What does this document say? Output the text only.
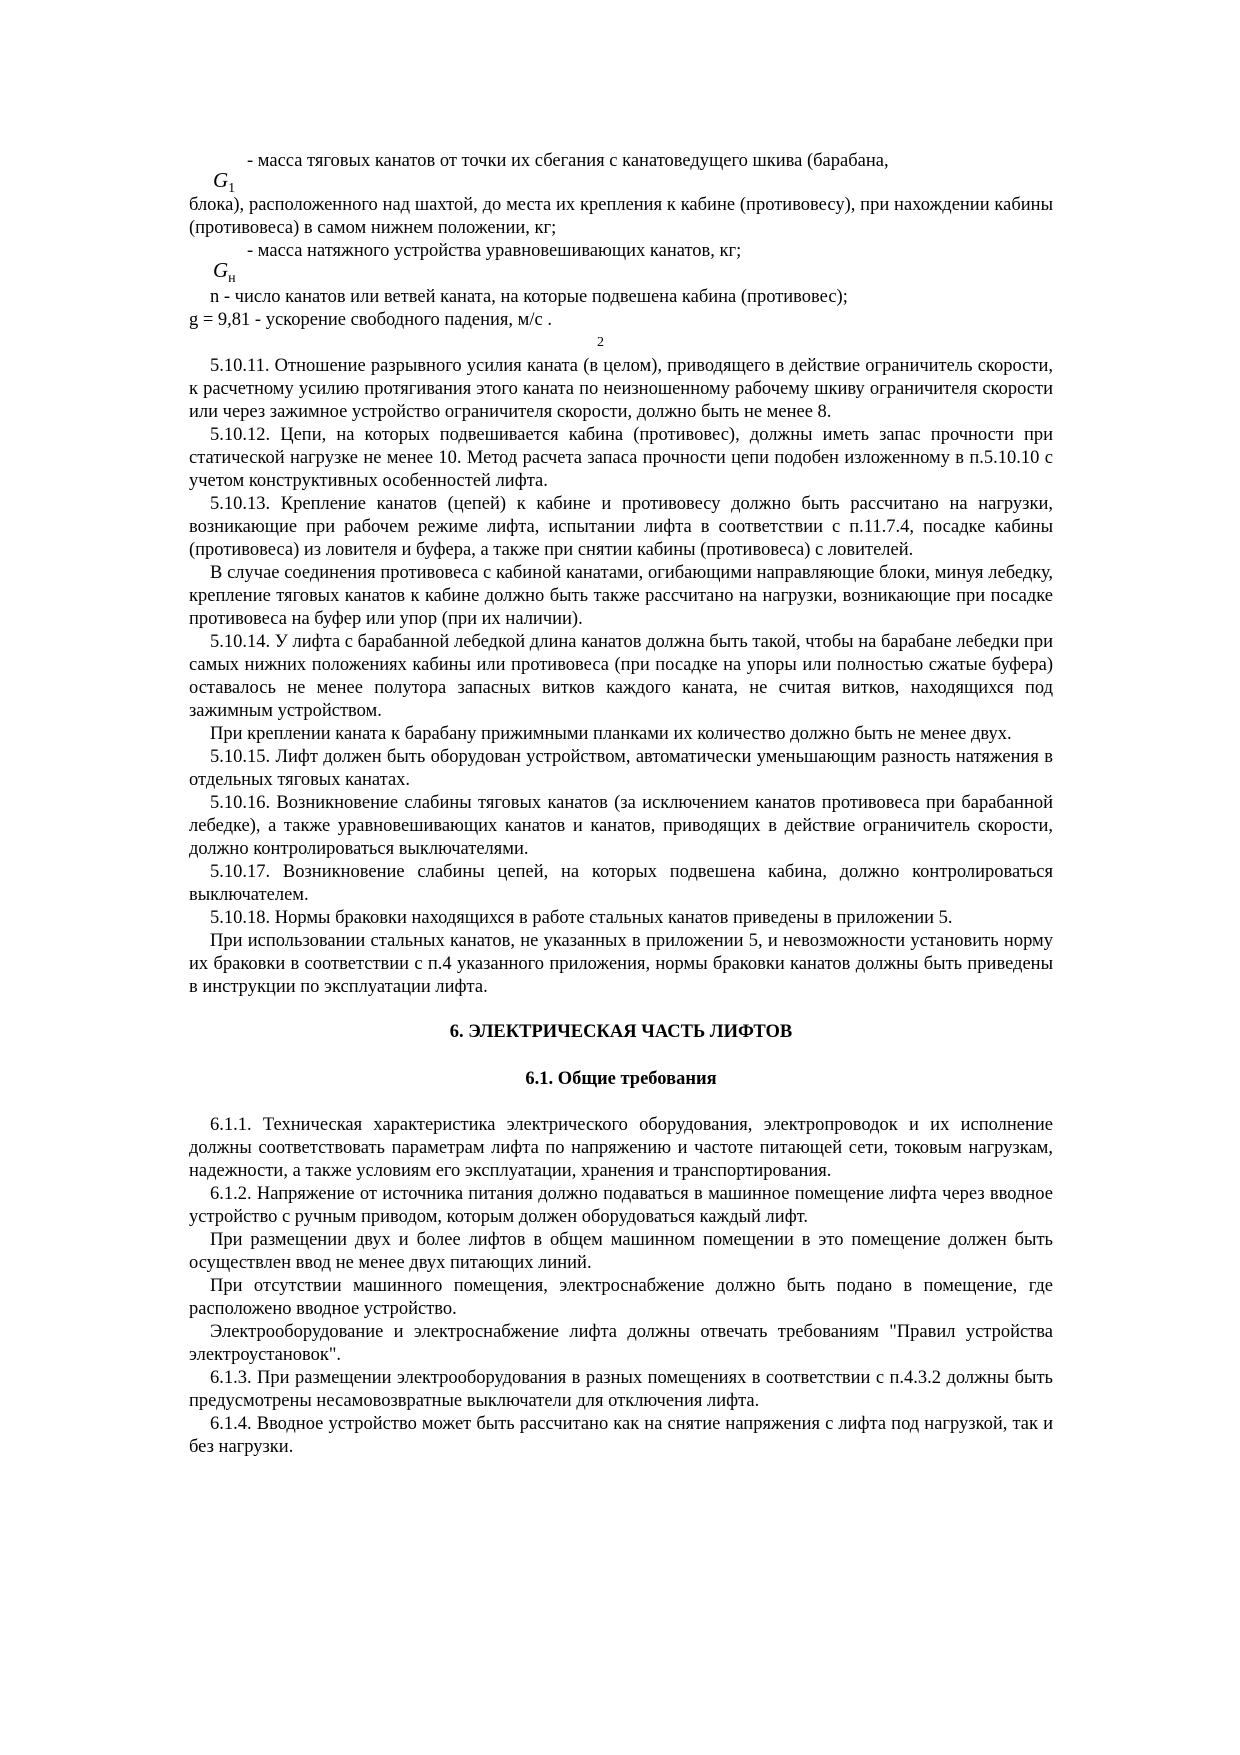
$G_1$
- масса тяговых канатов от точки их сбегания с канатоведущего шкива (барабана,

блока), расположенного над шахтой, до места их крепления к кабине (противовесу), при нахождении кабины (противовеса) в самом нижнем положении, кг;

$G_н$
- масса натяжного устройства уравновешивающих канатов, кг;

n - число канатов или ветвей каната, на которые подвешена кабина (противовес);

g = 9,81 - ускорение свободного падения, м/с .
2

5.10.11. Отношение разрывного усилия каната (в целом), приводящего в действие ограничитель скорости, к расчетному усилию протягивания этого каната по неизношенному рабочему шкиву ограничителя скорости или через зажимное устройство ограничителя скорости, должно быть не менее 8.

5.10.12. Цепи, на которых подвешивается кабина (противовес), должны иметь запас прочности при статической нагрузке не менее 10. Метод расчета запаса прочности цепи подобен изложенному в п.5.10.10 с учетом конструктивных особенностей лифта.

5.10.13. Крепление канатов (цепей) к кабине и противовесу должно быть рассчитано на нагрузки, возникающие при рабочем режиме лифта, испытании лифта в соответствии с п.11.7.4, посадке кабины (противовеса) из ловителя и буфера, а также при снятии кабины (противовеса) с ловителей.

В случае соединения противовеса с кабиной канатами, огибающими направляющие блоки, минуя лебедку, крепление тяговых канатов к кабине должно быть также рассчитано на нагрузки, возникающие при посадке противовеса на буфер или упор (при их наличии).

5.10.14. У лифта с барабанной лебедкой длина канатов должна быть такой, чтобы на барабане лебедки при самых нижних положениях кабины или противовеса (при посадке на упоры или полностью сжатые буфера) оставалось не менее полутора запасных витков каждого каната, не считая витков, находящихся под зажимным устройством.

При креплении каната к барабану прижимными планками их количество должно быть не менее двух.

5.10.15. Лифт должен быть оборудован устройством, автоматически уменьшающим разность натяжения в отдельных тяговых канатах.

5.10.16. Возникновение слабины тяговых канатов (за исключением канатов противовеса при барабанной лебедке), а также уравновешивающих канатов и канатов, приводящих в действие ограничитель скорости, должно контролироваться выключателями.

5.10.17. Возникновение слабины цепей, на которых подвешена кабина, должно контролироваться выключателем.

5.10.18. Нормы браковки находящихся в работе стальных канатов приведены в приложении 5.

При использовании стальных канатов, не указанных в приложении 5, и невозможности установить норму их браковки в соответствии с п.4 указанного приложения, нормы браковки канатов должны быть приведены в инструкции по эксплуатации лифта.

6. ЭЛЕКТРИЧЕСКАЯ ЧАСТЬ ЛИФТОВ
6.1. Общие требования

6.1.1. Техническая характеристика электрического оборудования, электропроводок и их исполнение должны соответствовать параметрам лифта по напряжению и частоте питающей сети, токовым нагрузкам, надежности, а также условиям его эксплуатации, хранения и транспортирования.

6.1.2. Напряжение от источника питания должно подаваться в машинное помещение лифта через вводное устройство с ручным приводом, которым должен оборудоваться каждый лифт.

При размещении двух и более лифтов в общем машинном помещении в это помещение должен быть осуществлен ввод не менее двух питающих линий.

При отсутствии машинного помещения, электроснабжение должно быть подано в помещение, где расположено вводное устройство.

Электрооборудование и электроснабжение лифта должны отвечать требованиям "Правил устройства электроустановок".

6.1.3. При размещении электрооборудования в разных помещениях в соответствии с п.4.3.2 должны быть предусмотрены несамовозвратные выключатели для отключения лифта.

6.1.4. Вводное устройство может быть рассчитано как на снятие напряжения с лифта под нагрузкой, так и без нагрузки.
